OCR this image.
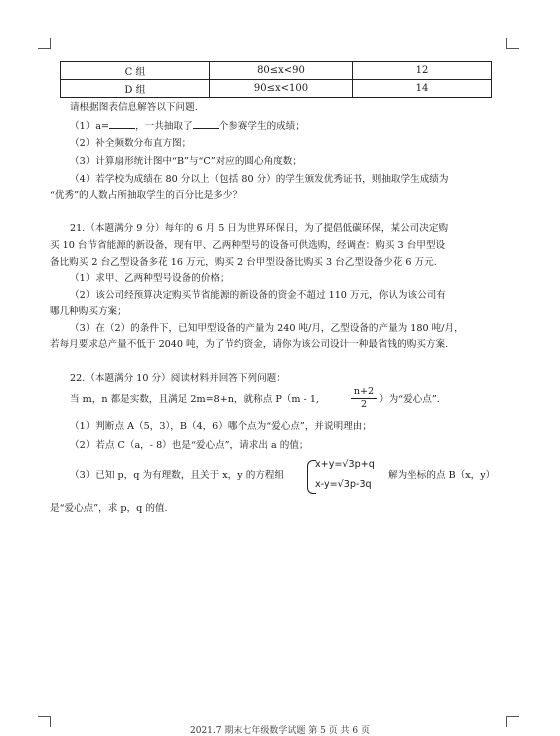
C 组	80≤x<90	12
D 组	90≤x<100	14
请根据图表信息解答以下问题.
（1）a=	，一共抽取了	个参赛学生的成绩；
（2）补全频数分布直方图；
（3）计算扇形统计图中“B”与“C”对应的圆心角度数；
（4）若学校为成绩在 80 分以上（包括 80 分）的学生颁发优秀证书，则抽取学生成绩为
“优秀”的人数占所抽取学生的百分比是多少？
21.（本题满分 9 分）每年的 6 月 5 日为世界环保日，为了提倡低碳环保，某公司决定购
买 10 台节省能源的新设备，现有甲、乙两种型号的设备可供选购，经调查：购买 3 台甲型设
备比购买 2 台乙型设备多花 16 万元，购买 2 台甲型设备比购买 3 台乙型设备少花 6 万元.
（1）求甲、乙两种型号设备的价格；
（2）该公司经预算决定购买节省能源的新设备的资金不超过 110 万元，你认为该公司有
哪几种购买方案；
（3）在（2）的条件下，已知甲型设备的产量为 240 吨/月，乙型设备的产量为 180 吨/月，
若每月要求总产量不低于 2040 吨，为了节约资金，请你为该公司设计一种最省钱的购买方案.
22.（本题满分 10 分）阅读材料并回答下列问题：
当 m，n 都是实数，且满足 2m=8+n，就称点 P（m - 1,	$\frac{n+2}{2}$ ）为“爱心点”.
（1）判断点 A（5，3），B（4，6）哪个点为“爱心点”，并说明理由；
（2）若点 C（a，- 8）也是“爱心点”，请求出 a 的值；
（3）已知 p，q 为有理数，且关于 x，y 的方程组
x+y=√3p+q
x-y=√3p-3q
解为坐标的点 B（x，y）
是“爱心点”，求 p，q 的值.
2021.7 期末七年级数学试题 第 5 页 共 6 页
